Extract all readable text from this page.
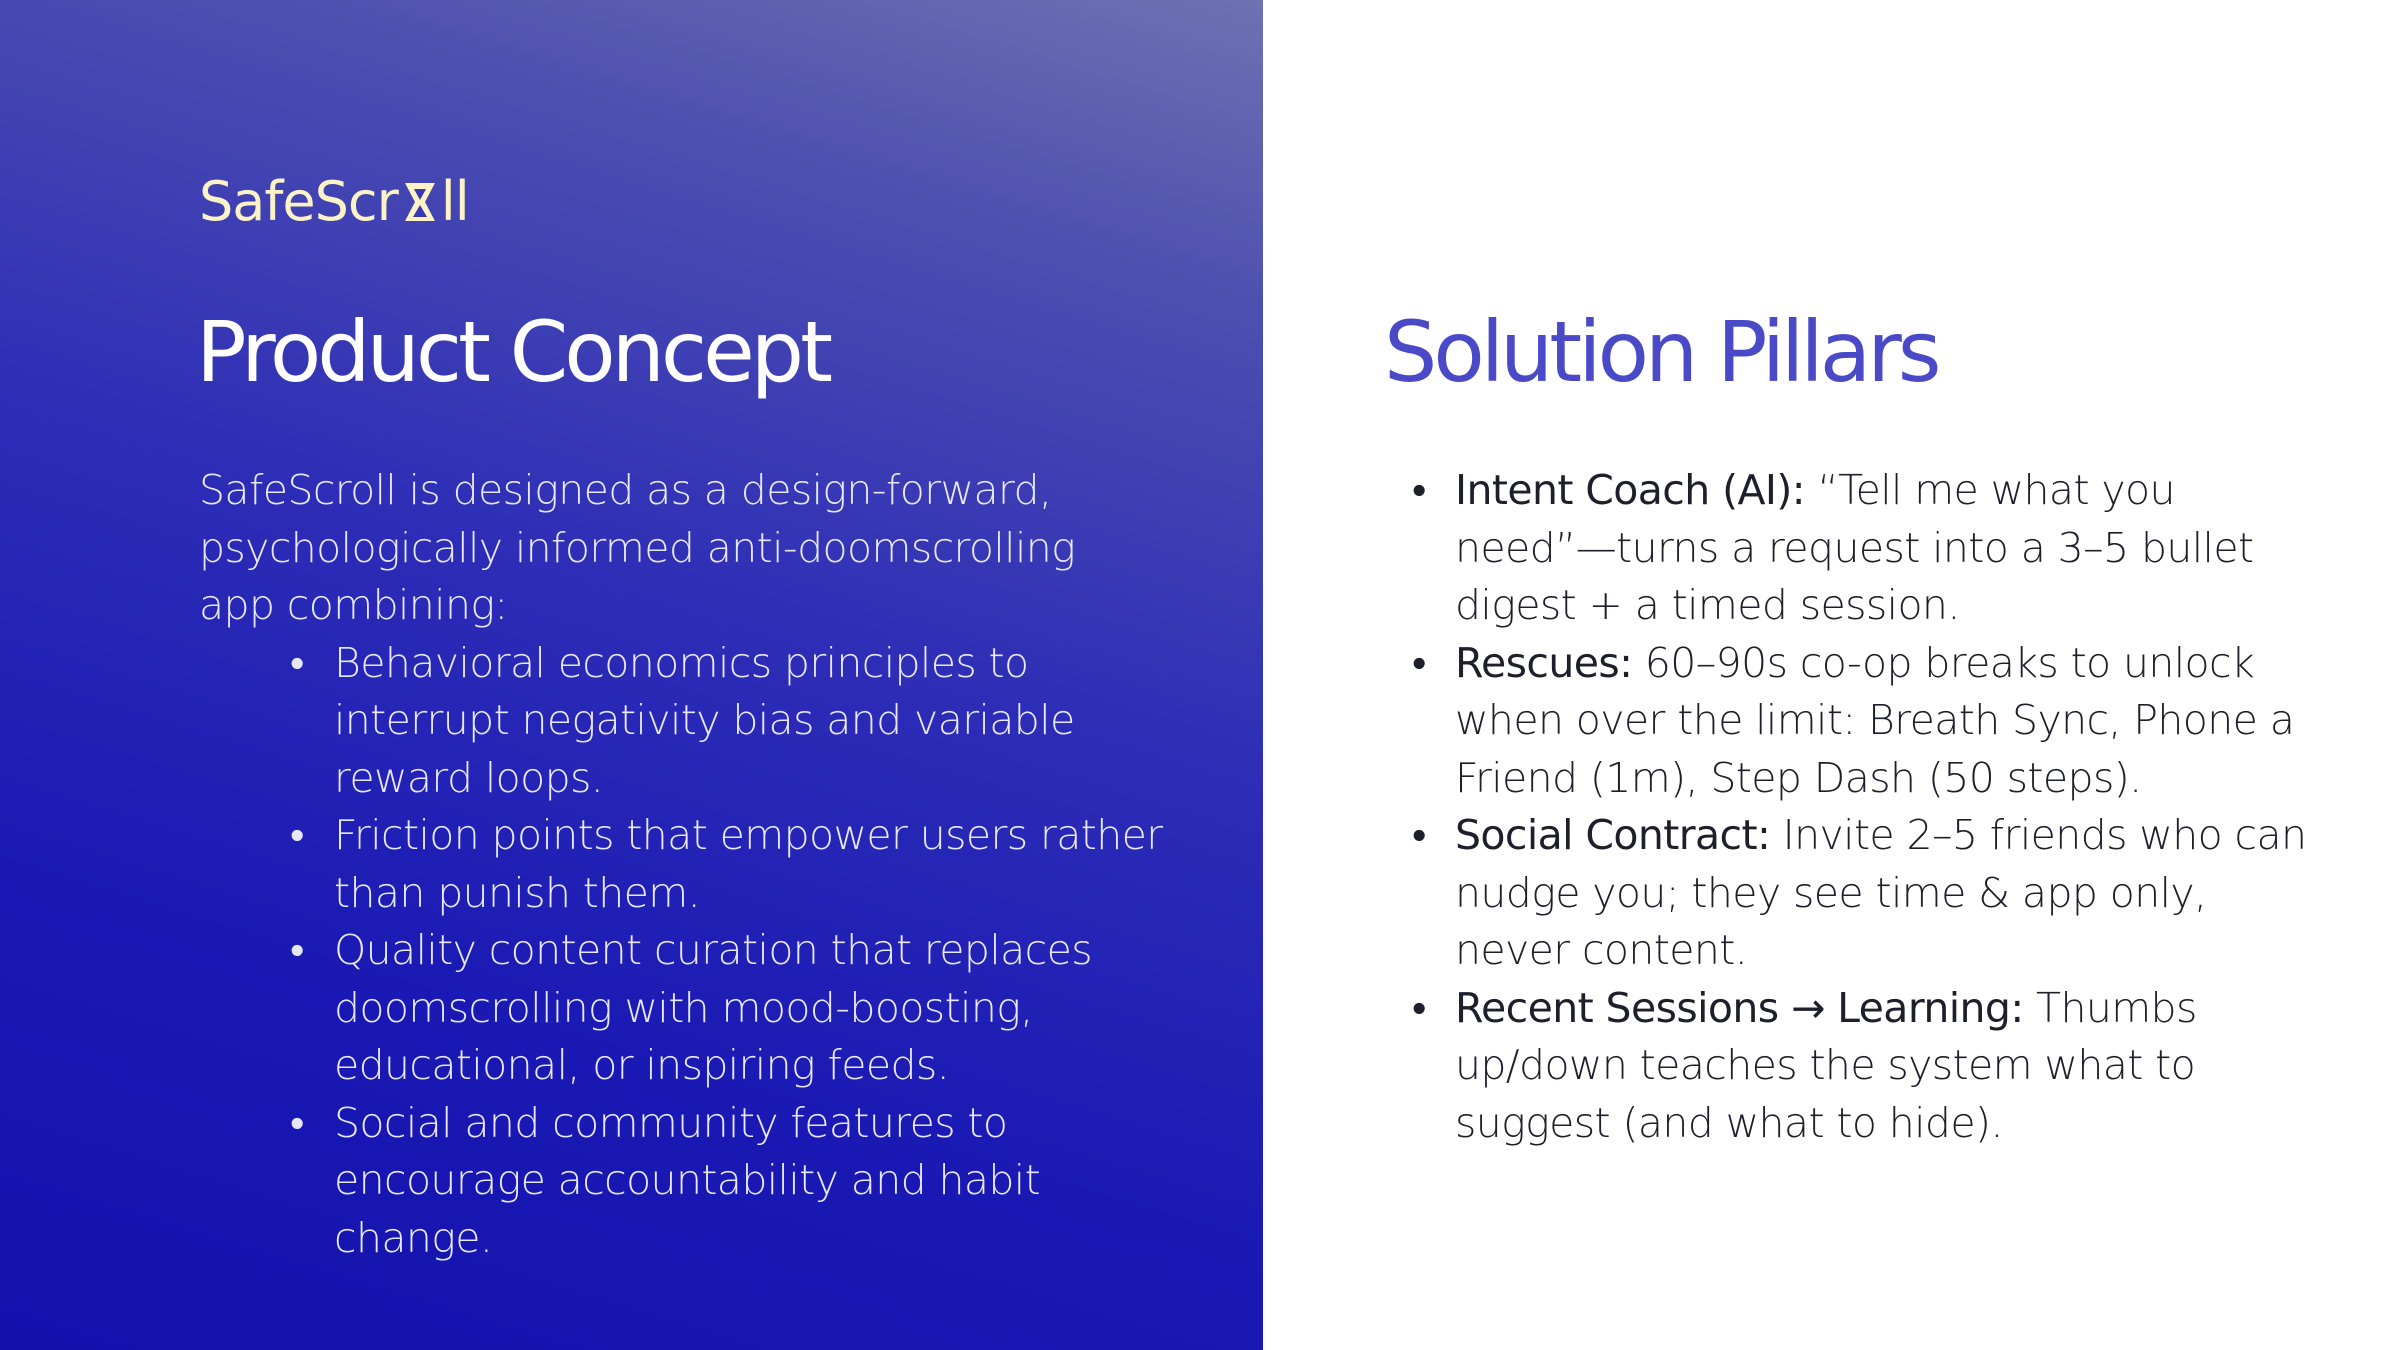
SafeScr ll
Product Concept

SafeScroll is designed as a design-forward, psychologically informed anti-doomscrolling app combining:

• Behavioral economics principles to interrupt negativity bias and variable reward loops.
• Friction points that empower users rather than punish them.
• Quality content curation that replaces doomscrolling with mood-boosting, educational, or inspiring feeds.
• Social and community features to encourage accountability and habit change.
Solution Pillars
• Intent Coach (AI): “Tell me what you need”—turns a request into a 3–5 bullet digest + a timed session.
• Rescues: 60–90s co-op breaks to unlock when over the limit: Breath Sync, Phone a Friend (1m), Step Dash (50 steps).
• Social Contract: Invite 2–5 friends who can nudge you; they see time & app only, never content.
• Recent Sessions → Learning: Thumbs up/down teaches the system what to suggest (and what to hide).
